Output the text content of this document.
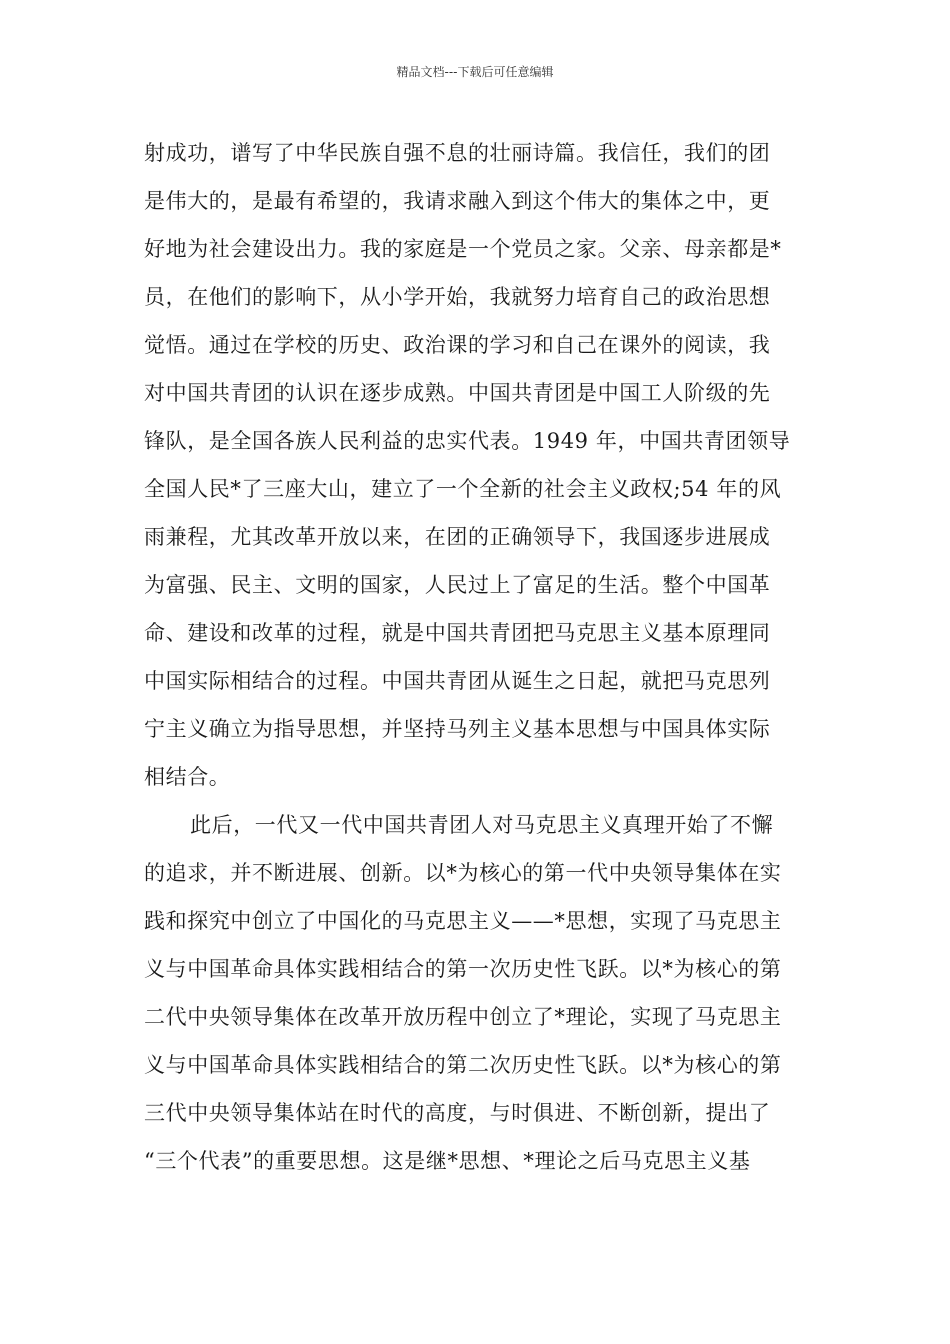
精品文档---下载后可任意编辑
射成功，谱写了中华民族自强不息的壮丽诗篇。我信任，我们的团
是伟大的，是最有希望的，我请求融入到这个伟大的集体之中，更
好地为社会建设出力。我的家庭是一个党员之家。父亲、母亲都是*
员，在他们的影响下，从小学开始，我就努力培育自己的政治思想
觉悟。通过在学校的历史、政治课的学习和自己在课外的阅读，我
对中国共青团的认识在逐步成熟。中国共青团是中国工人阶级的先
锋队，是全国各族人民利益的忠实代表。1949 年，中国共青团领导
全国人民*了三座大山，建立了一个全新的社会主义政权;54 年的风
雨兼程，尤其改革开放以来，在团的正确领导下，我国逐步进展成
为富强、民主、文明的国家，人民过上了富足的生活。整个中国革
命、建设和改革的过程，就是中国共青团把马克思主义基本原理同
中国实际相结合的过程。中国共青团从诞生之日起，就把马克思列
宁主义确立为指导思想，并坚持马列主义基本思想与中国具体实际
相结合。
此后，一代又一代中国共青团人对马克思主义真理开始了不懈
的追求，并不断进展、创新。以*为核心的第一代中央领导集体在实
践和探究中创立了中国化的马克思主义——*思想，实现了马克思主
义与中国革命具体实践相结合的第一次历史性飞跃。以*为核心的第
二代中央领导集体在改革开放历程中创立了*理论，实现了马克思主
义与中国革命具体实践相结合的第二次历史性飞跃。以*为核心的第
三代中央领导集体站在时代的高度，与时俱进、不断创新，提出了
“三个代表”的重要思想。这是继*思想、*理论之后马克思主义基
